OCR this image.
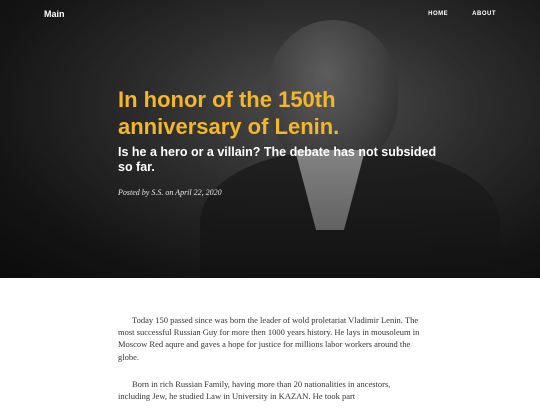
Main	HOME	ABOUT
In honor of the 150th anniversary of Lenin.
Is he a hero or a villain? The debate has not subsided so far.
Posted by S.S. on April 22, 2020

Today 150 passed since was born the leader of wold proletariat Vladimir Lenin. The most successful Russian Guy for more then 1000 years history. He lays in mousoleum in Moscow Red aqure and gaves a hope for justice for millions labor workers around the globe.

Born in rich Russian Family, having more than 20 nationalities in ancestors, including Jew, he studied Law in University in KAZAN. He took part
